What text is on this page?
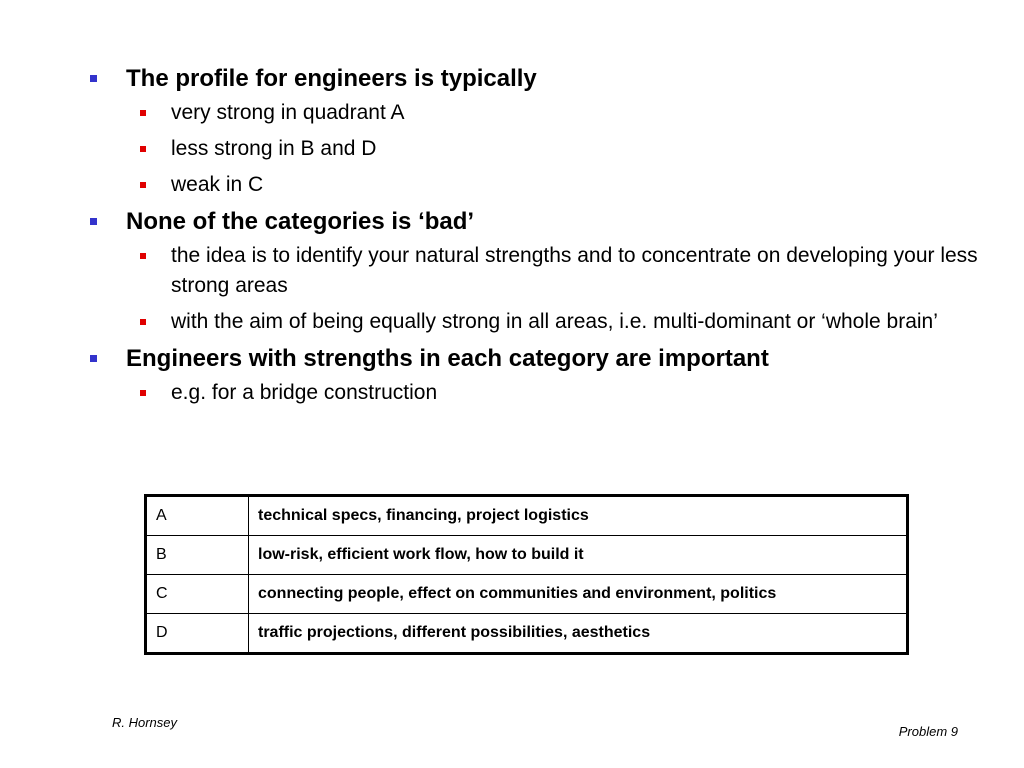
The profile for engineers is typically
very strong in quadrant A
less strong in B and D
weak in C
None of the categories is ‘bad’
the idea is to identify your natural strengths and to concentrate on developing your less strong areas
with the aim of being equally strong in all areas, i.e. multi-dominant or ‘whole brain’
Engineers with strengths in each category are important
e.g. for a bridge construction
A	technical specs, financing, project logistics
B	low-risk, efficient work flow, how to build it
C	connecting people, effect on communities and environment, politics
D	traffic projections, different possibilities, aesthetics
R. Hornsey
Problem 9
